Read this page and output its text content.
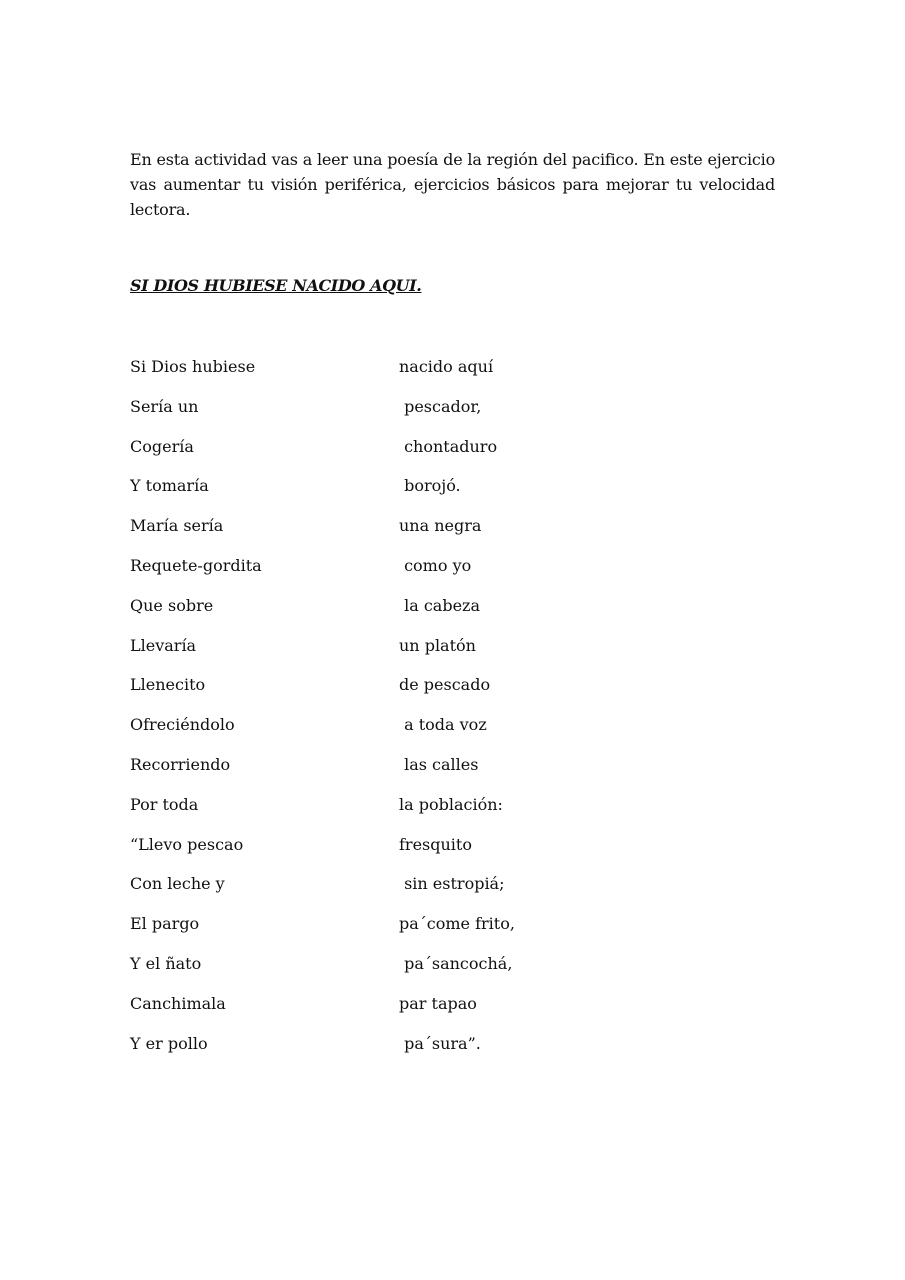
En esta actividad vas a leer una poesía de la región del pacifico. En este ejercicio vas aumentar tu visión periférica, ejercicios básicos para mejorar tu velocidad lectora.

SI DIOS HUBIESE NACIDO AQUI.
Si Dios hubiese	nacido aquí
Sería un	pescador,
Cogería	chontaduro
Y tomaría	borojó.
María sería	una negra
Requete-gordita	como yo
Que sobre	la cabeza
Llevaría	un platón
Llenecito	de pescado
Ofreciéndolo	a toda voz
Recorriendo	las calles
Por toda	la población:
“Llevo pescao	fresquito
Con leche y	sin estropiá;
El pargo	pa´come frito,
Y el ñato	pa´sancochá,
Canchimala	par tapao
Y er pollo	pa´sura”.
